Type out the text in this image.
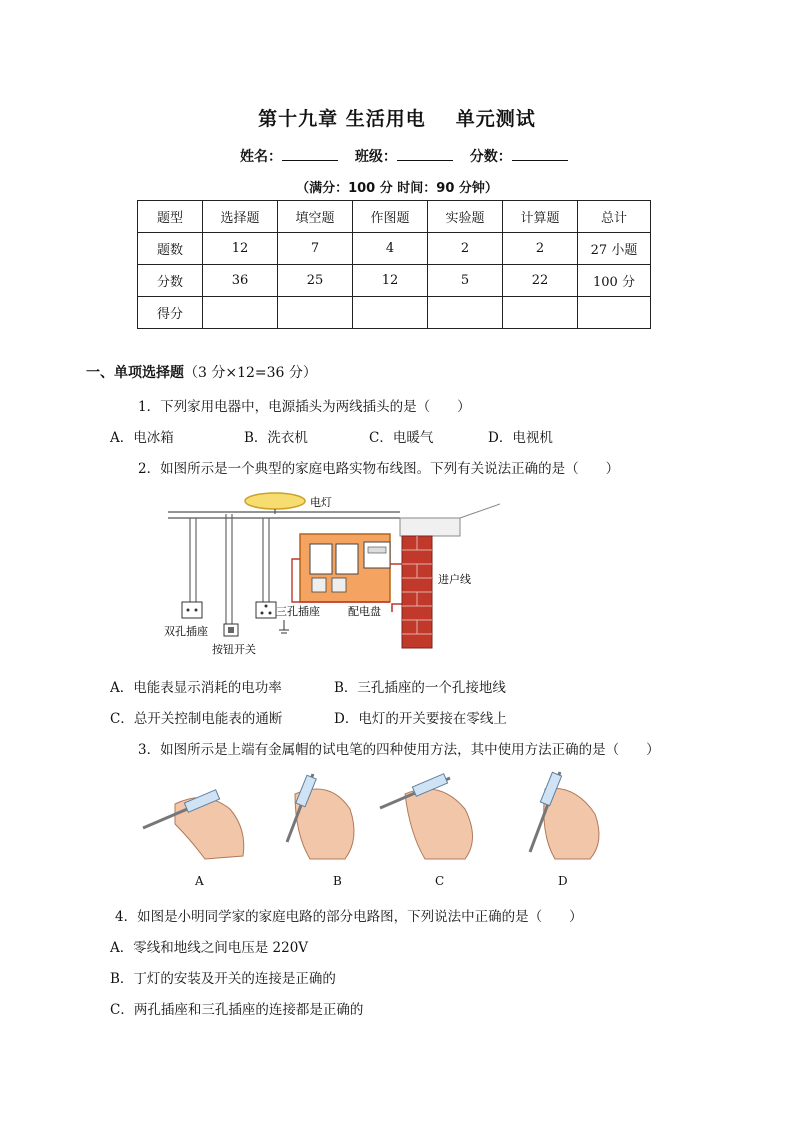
第十九章 生活用电 单元测试
姓名：	班级：	分数：
（满分：100 分 时间：90 分钟）
题型	选择题	填空题	作图题	实验题	计算题	总计
题数	12	7	4	2	2	27 小题
分数	36	25	12	5	22	100 分
得分						
一、单项选择题（3 分×12=36 分）
1．下列家用电器中，电源插头为两线插头的是（　　）
A．电冰箱	B．洗衣机	C．电暖气	D．电视机
2．如图所示是一个典型的家庭电路实物布线图。下列有关说法正确的是（　　）
电灯
进户线
三孔插座	配电盘
双孔插座
按钮开关
A．电能表显示消耗的电功率	B．三孔插座的一个孔接地线
C．总开关控制电能表的通断	D．电灯的开关要接在零线上
3．如图所示是上端有金属帽的试电笔的四种使用方法，其中使用方法正确的是（　　）
A	B	C	D
4．如图是小明同学家的家庭电路的部分电路图，下列说法中正确的是（　　）
A．零线和地线之间电压是 220V
B．丁灯的安装及开关的连接是正确的
C．两孔插座和三孔插座的连接都是正确的
